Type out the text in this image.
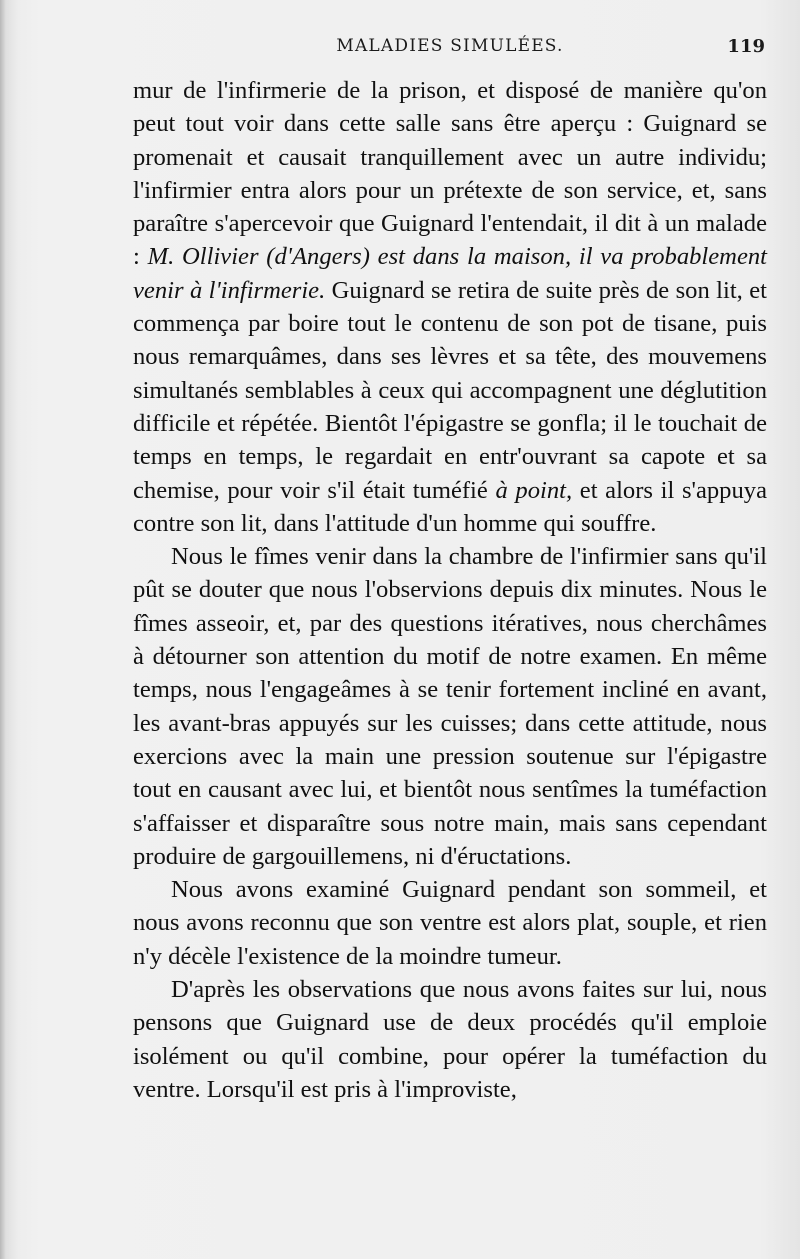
MALADIES SIMULÉES.	119

mur de l'infirmerie de la prison, et disposé de manière qu'on peut tout voir dans cette salle sans être aperçu : Guignard se promenait et causait tranquillement avec un autre individu; l'infirmier entra alors pour un prétexte de son service, et, sans paraître s'apercevoir que Guignard l'entendait, il dit à un malade : M. Ollivier (d'Angers) est dans la maison, il va probablement venir à l'infirmerie. Guignard se retira de suite près de son lit, et commença par boire tout le contenu de son pot de tisane, puis nous remarquâmes, dans ses lèvres et sa tête, des mouvemens simultanés semblables à ceux qui accompagnent une déglutition difficile et répétée. Bientôt l'épigastre se gonfla; il le touchait de temps en temps, le regardait en entr'ouvrant sa capote et sa chemise, pour voir s'il était tuméfié à point, et alors il s'appuya contre son lit, dans l'attitude d'un homme qui souffre.

Nous le fîmes venir dans la chambre de l'infirmier sans qu'il pût se douter que nous l'observions depuis dix minutes. Nous le fîmes asseoir, et, par des questions itératives, nous cherchâmes à détourner son attention du motif de notre examen. En même temps, nous l'engageâmes à se tenir fortement incliné en avant, les avant-bras appuyés sur les cuisses; dans cette attitude, nous exercions avec la main une pression soutenue sur l'épigastre tout en causant avec lui, et bientôt nous sentîmes la tuméfaction s'affaisser et disparaître sous notre main, mais sans cependant produire de gargouillemens, ni d'éructations.

Nous avons examiné Guignard pendant son sommeil, et nous avons reconnu que son ventre est alors plat, souple, et rien n'y décèle l'existence de la moindre tumeur.

D'après les observations que nous avons faites sur lui, nous pensons que Guignard use de deux procédés qu'il emploie isolément ou qu'il combine, pour opérer la tuméfaction du ventre. Lorsqu'il est pris à l'improviste,
